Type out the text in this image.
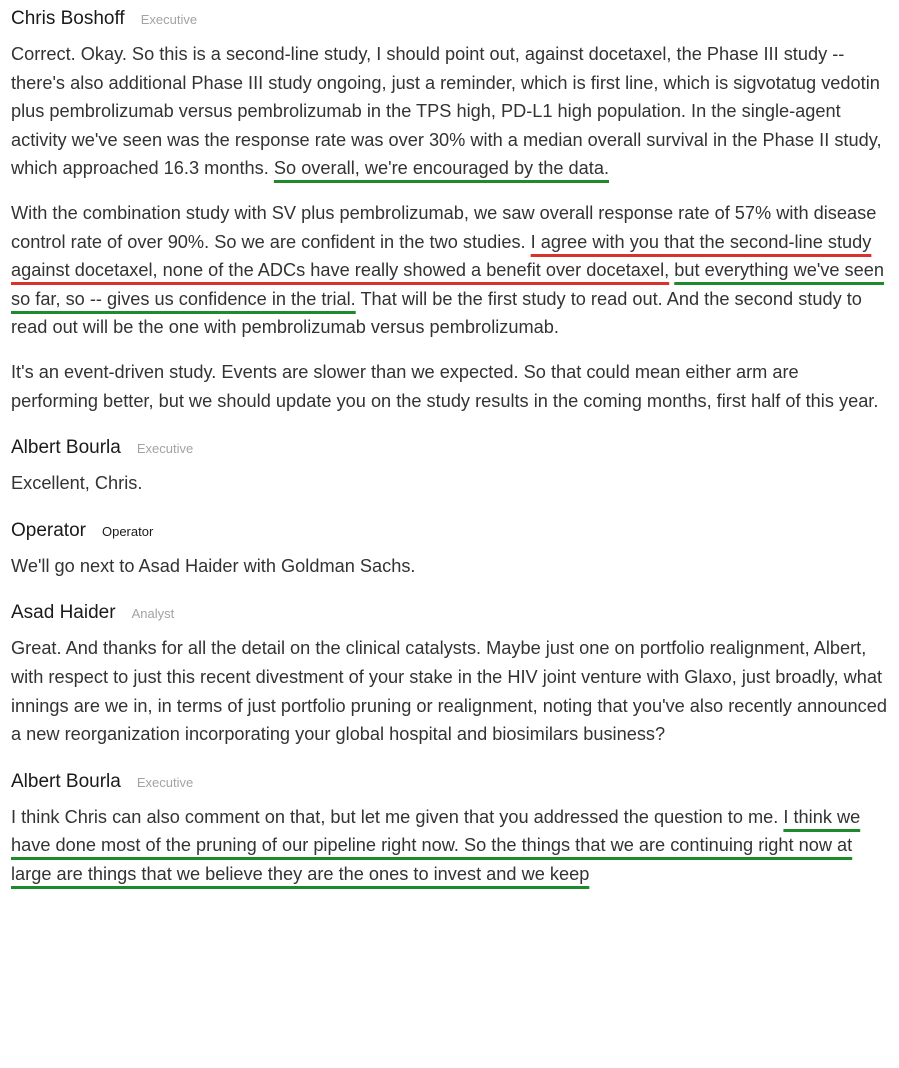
Chris Boshoff Executive

Correct. Okay. So this is a second-line study, I should point out, against docetaxel, the Phase III study -- there's also additional Phase III study ongoing, just a reminder, which is first line, which is sigvotatug vedotin plus pembrolizumab versus pembrolizumab in the TPS high, PD-L1 high population. In the single-agent activity we've seen was the response rate was over 30% with a median overall survival in the Phase II study, which approached 16.3 months. So overall, we're encouraged by the data.

With the combination study with SV plus pembrolizumab, we saw overall response rate of 57% with disease control rate of over 90%. So we are confident in the two studies. I agree with you that the second-line study against docetaxel, none of the ADCs have really showed a benefit over docetaxel, but everything we've seen so far, so -- gives us confidence in the trial. That will be the first study to read out. And the second study to read out will be the one with pembrolizumab versus pembrolizumab.

It's an event-driven study. Events are slower than we expected. So that could mean either arm are performing better, but we should update you on the study results in the coming months, first half of this year.

Albert Bourla Executive

Excellent, Chris.

Operator Operator

We'll go next to Asad Haider with Goldman Sachs.

Asad Haider Analyst

Great. And thanks for all the detail on the clinical catalysts. Maybe just one on portfolio realignment, Albert, with respect to just this recent divestment of your stake in the HIV joint venture with Glaxo, just broadly, what innings are we in, in terms of just portfolio pruning or realignment, noting that you've also recently announced a new reorganization incorporating your global hospital and biosimilars business?

Albert Bourla Executive

I think Chris can also comment on that, but let me given that you addressed the question to me. I think we have done most of the pruning of our pipeline right now. So the things that we are continuing right now at large are things that we believe they are the ones to invest and we keep
